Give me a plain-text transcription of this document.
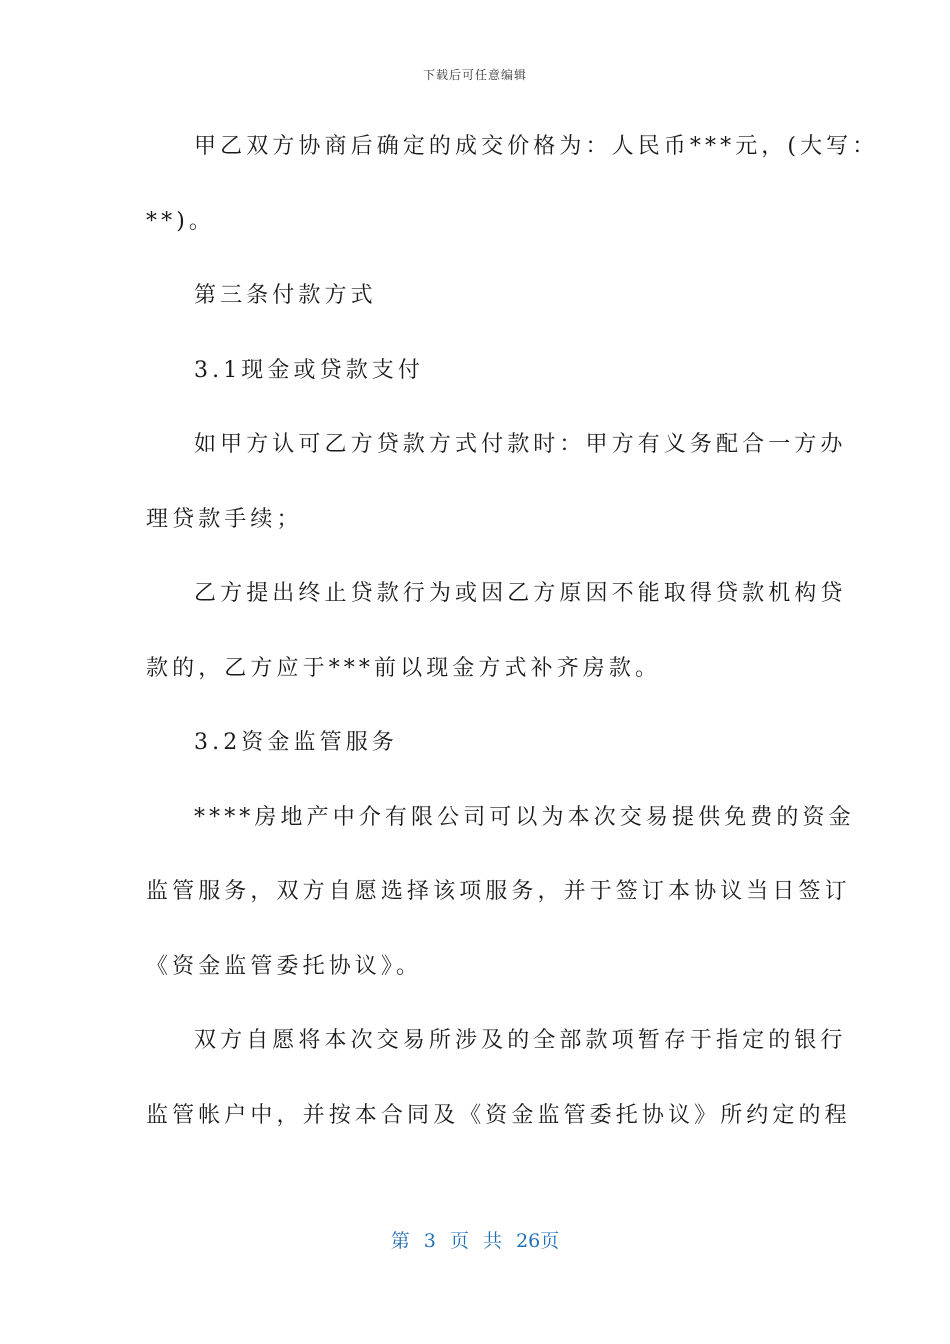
下载后可任意编辑
甲乙双方协商后确定的成交价格为：人民币***元，(大写：
**)。
第三条付款方式
3.1现金或贷款支付
如甲方认可乙方贷款方式付款时：甲方有义务配合一方办
理贷款手续；
乙方提出终止贷款行为或因乙方原因不能取得贷款机构贷
款的，乙方应于***前以现金方式补齐房款。
3.2资金监管服务
****房地产中介有限公司可以为本次交易提供免费的资金
监管服务，双方自愿选择该项服务，并于签订本协议当日签订
《资金监管委托协议》。
双方自愿将本次交易所涉及的全部款项暂存于指定的银行
监管帐户中，并按本合同及《资金监管委托协议》所约定的程
第 3 页 共 26页
